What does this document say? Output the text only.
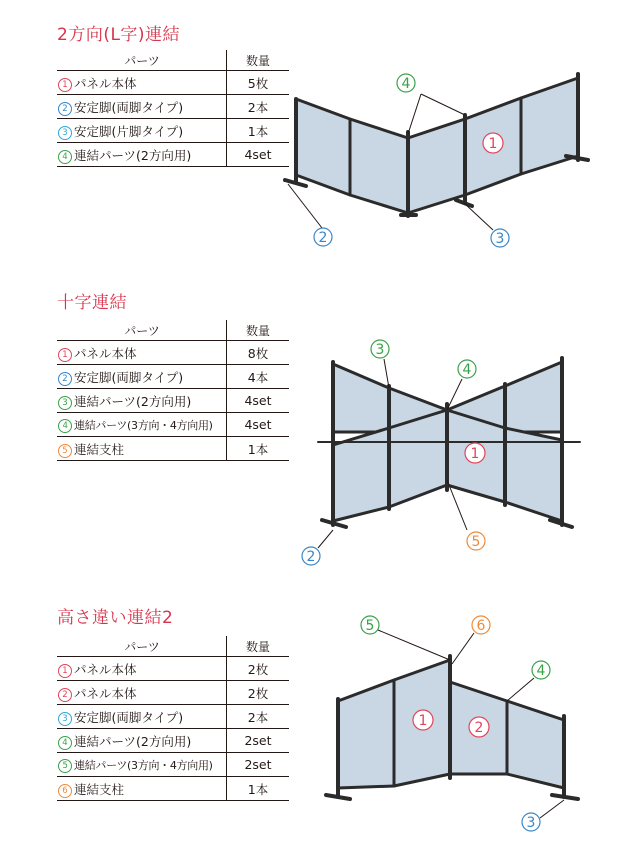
2方向(L字)連結
パーツ	数量
1 パネル本体	5枚
2 安定脚(両脚タイプ)	2本
3 安定脚(片脚タイプ)	1本
4 連結パーツ(2方向用)	4set
十字連結
パーツ	数量
1 パネル本体	8枚
2 安定脚(両脚タイプ)	4本
3 連結パーツ(2方向用)	4set
4 連結パーツ(3方向・4方向用)	4set
5 連結支柱	1本
高さ違い連結2
パーツ	数量
1 パネル本体	2枚
2 パネル本体	2枚
3 安定脚(両脚タイプ)	2本
4 連結パーツ(2方向用)	2set
5 連結パーツ(3方向・4方向用)	2set
6 連結支柱	1本
4
1
2	3
3
4
1
5
2
5	6
4
1	2
3
